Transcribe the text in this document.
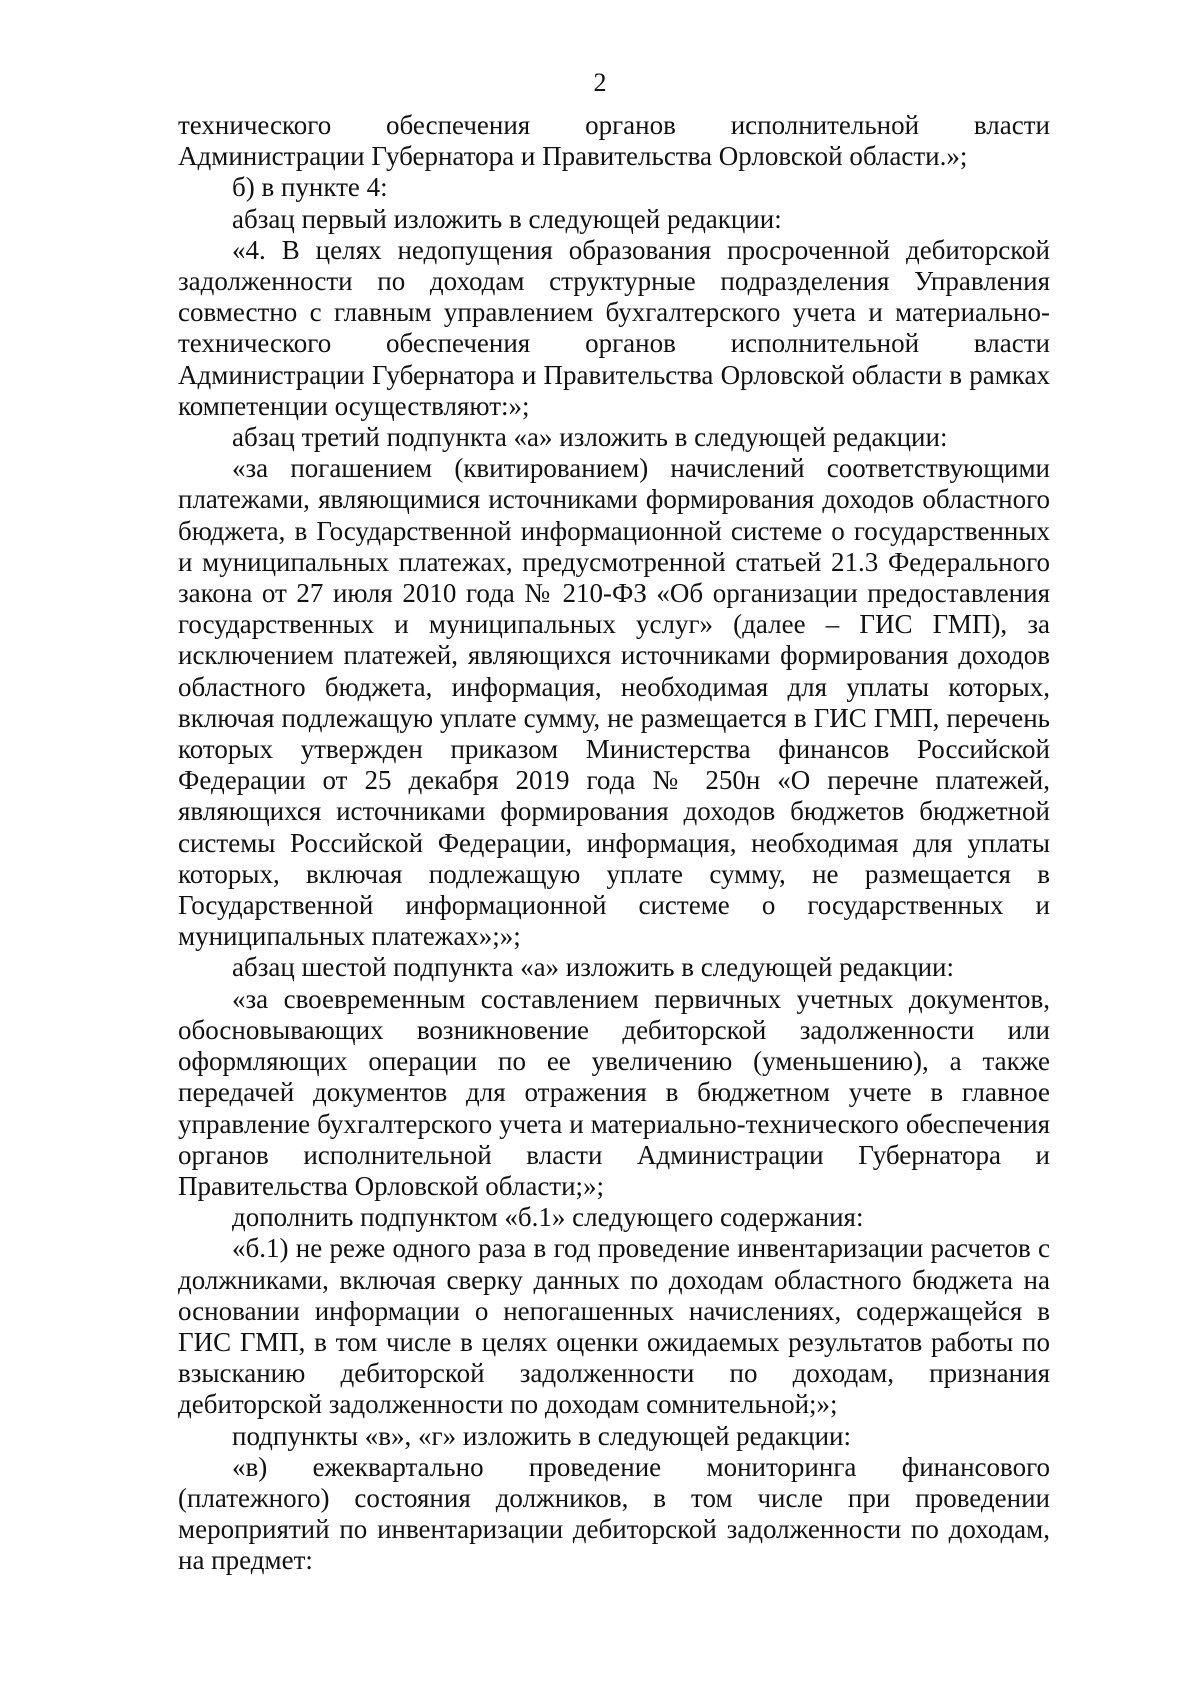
2

технического обеспечения органов исполнительной власти Администрации Губернатора и Правительства Орловской области.»;

б) в пункте 4:

абзац первый изложить в следующей редакции:

«4. В целях недопущения образования просроченной дебиторской задолженности по доходам структурные подразделения Управления совместно с главным управлением бухгалтерского учета и материально-технического обеспечения органов исполнительной власти Администрации Губернатора и Правительства Орловской области в рамках компетенции осуществляют:»;

абзац третий подпункта «а» изложить в следующей редакции:

«за погашением (квитированием) начислений соответствующими платежами, являющимися источниками формирования доходов областного бюджета, в Государственной информационной системе о государственных и муниципальных платежах, предусмотренной статьей 21.3 Федерального закона от 27 июля 2010 года № 210-ФЗ «Об организации предоставления государственных и муниципальных услуг» (далее – ГИС ГМП), за исключением платежей, являющихся источниками формирования доходов областного бюджета, информация, необходимая для уплаты которых, включая подлежащую уплате сумму, не размещается в ГИС ГМП, перечень которых утвержден приказом Министерства финансов Российской Федерации от 25 декабря 2019 года № 250н «О перечне платежей, являющихся источниками формирования доходов бюджетов бюджетной системы Российской Федерации, информация, необходимая для уплаты которых, включая подлежащую уплате сумму, не размещается в Государственной информационной системе о государственных и муниципальных платежах»;»;

абзац шестой подпункта «а» изложить в следующей редакции:

«за своевременным составлением первичных учетных документов, обосновывающих возникновение дебиторской задолженности или оформляющих операции по ее увеличению (уменьшению), а также передачей документов для отражения в бюджетном учете в главное управление бухгалтерского учета и материально-технического обеспечения органов исполнительной власти Администрации Губернатора и Правительства Орловской области;»;

дополнить подпунктом «б.1» следующего содержания:

«б.1) не реже одного раза в год проведение инвентаризации расчетов с должниками, включая сверку данных по доходам областного бюджета на основании информации о непогашенных начислениях, содержащейся в ГИС ГМП, в том числе в целях оценки ожидаемых результатов работы по взысканию дебиторской задолженности по доходам, признания дебиторской задолженности по доходам сомнительной;»;

подпункты «в», «г» изложить в следующей редакции:

«в) ежеквартально проведение мониторинга финансового (платежного) состояния должников, в том числе при проведении мероприятий по инвентаризации дебиторской задолженности по доходам, на предмет:
